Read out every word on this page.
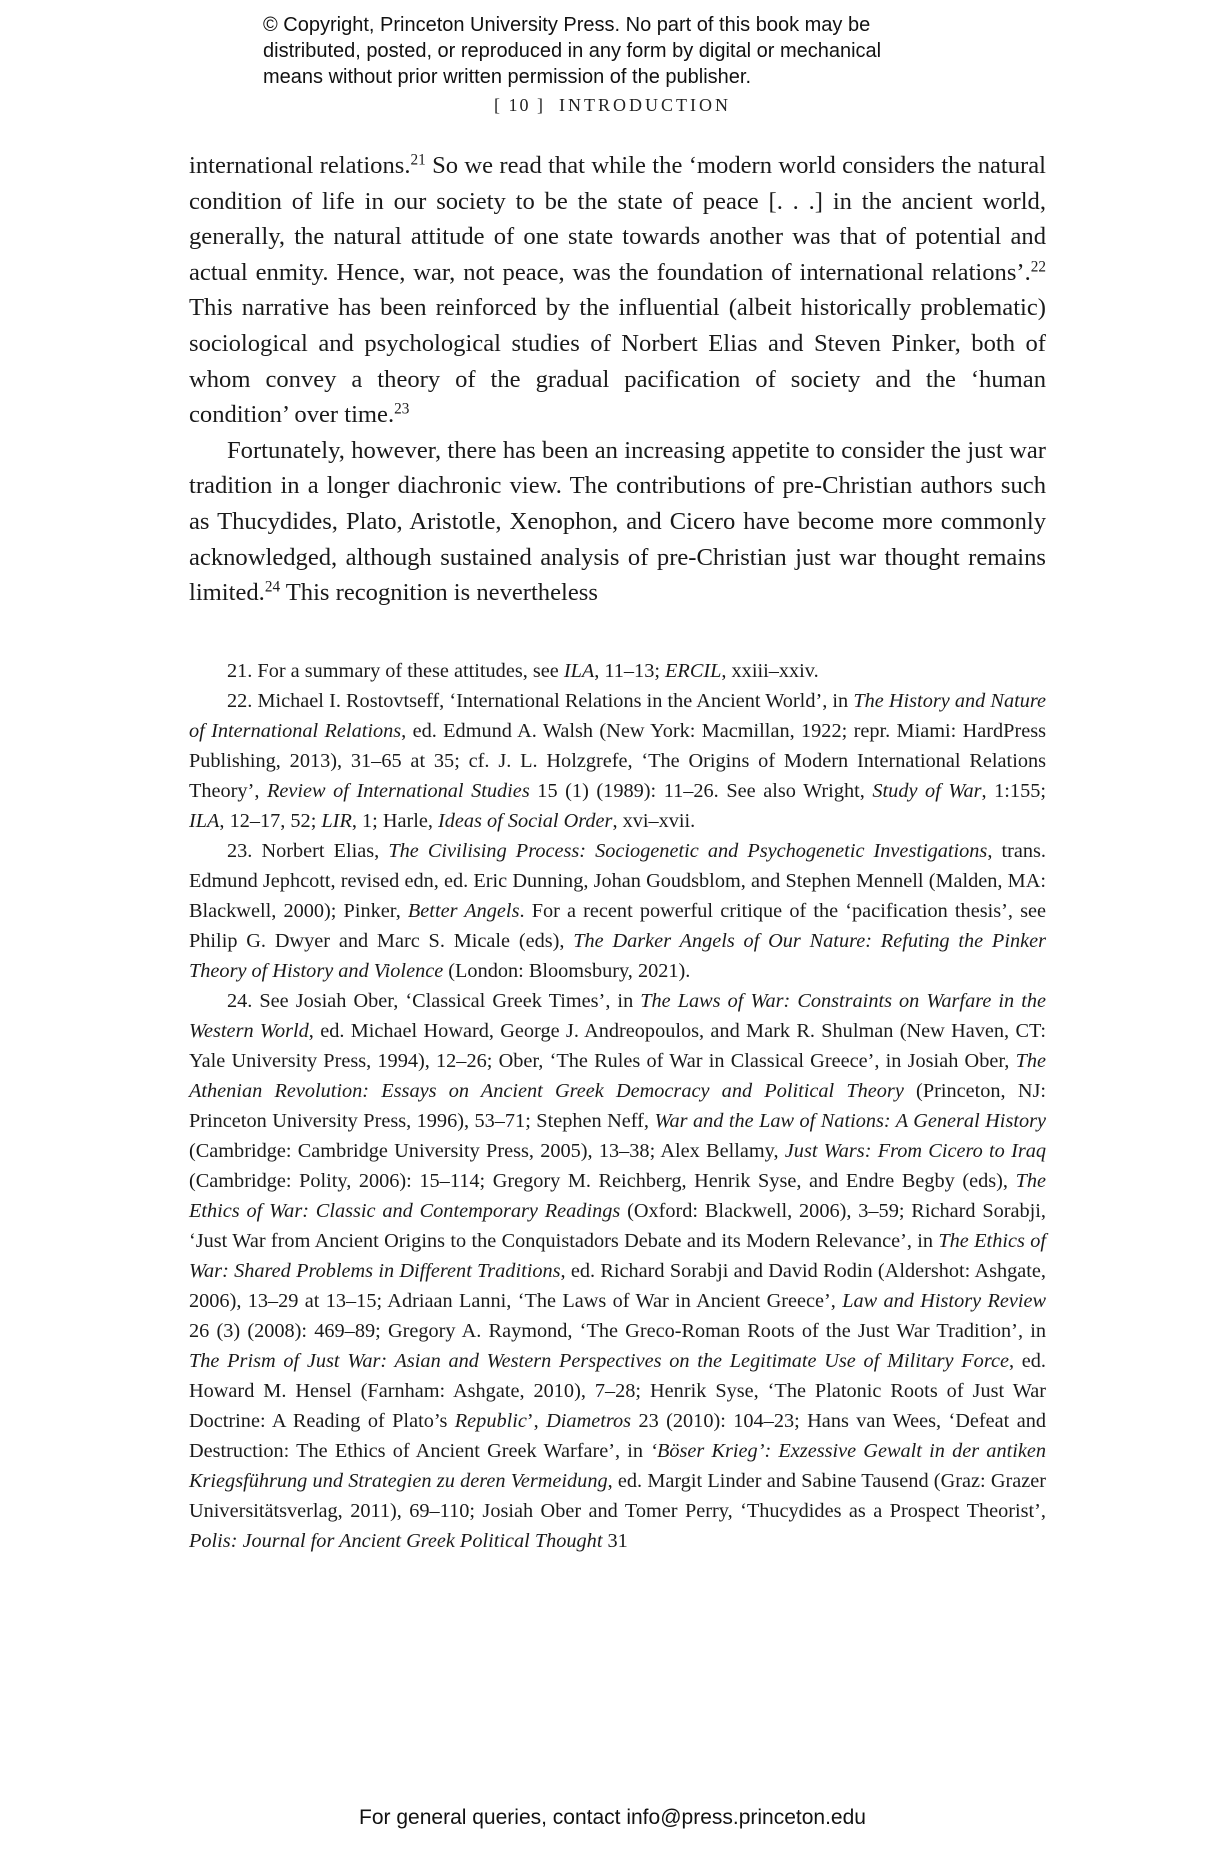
© Copyright, Princeton University Press. No part of this book may be
distributed, posted, or reproduced in any form by digital or mechanical
means without prior written permission of the publisher.
[ 10 ] INTRODUCTION

international relations.$^{21}$ So we read that while the ‘modern world considers the natural condition of life in our society to be the state of peace [. . .] in the ancient world, generally, the natural attitude of one state towards another was that of potential and actual enmity. Hence, war, not peace, was the foundation of international relations’.$^{22}$ This narrative has been reinforced by the influential (albeit historically problematic) sociological and psychological studies of Norbert Elias and Steven Pinker, both of whom convey a theory of the gradual pacification of society and the ‘human condition’ over time.$^{23}$

Fortunately, however, there has been an increasing appetite to consider the just war tradition in a longer diachronic view. The contributions of pre-Christian authors such as Thucydides, Plato, Aristotle, Xenophon, and Cicero have become more commonly acknowledged, although sustained analysis of pre-Christian just war thought remains limited.$^{24}$ This recognition is nevertheless

21. For a summary of these attitudes, see ILA, 11–13; ERCIL, xxiii–xxiv.

22. Michael I. Rostovtseff, ‘International Relations in the Ancient World’, in The History and Nature of International Relations, ed. Edmund A. Walsh (New York: Macmillan, 1922; repr. Miami: HardPress Publishing, 2013), 31–65 at 35; cf. J. L. Holzgrefe, ‘The Origins of Modern International Relations Theory’, Review of International Studies 15 (1) (1989): 11–26. See also Wright, Study of War, 1:155; ILA, 12–17, 52; LIR, 1; Harle, Ideas of Social Order, xvi–xvii.

23. Norbert Elias, The Civilising Process: Sociogenetic and Psychogenetic Investigations, trans. Edmund Jephcott, revised edn, ed. Eric Dunning, Johan Goudsblom, and Stephen Mennell (Malden, MA: Blackwell, 2000); Pinker, Better Angels. For a recent powerful critique of the ‘pacification thesis’, see Philip G. Dwyer and Marc S. Micale (eds), The Darker Angels of Our Nature: Refuting the Pinker Theory of History and Violence (London: Bloomsbury, 2021).

24. See Josiah Ober, ‘Classical Greek Times’, in The Laws of War: Constraints on Warfare in the Western World, ed. Michael Howard, George J. Andreopoulos, and Mark R. Shulman (New Haven, CT: Yale University Press, 1994), 12–26; Ober, ‘The Rules of War in Classical Greece’, in Josiah Ober, The Athenian Revolution: Essays on Ancient Greek Democracy and Political Theory (Princeton, NJ: Princeton University Press, 1996), 53–71; Stephen Neff, War and the Law of Nations: A General History (Cambridge: Cambridge University Press, 2005), 13–38; Alex Bellamy, Just Wars: From Cicero to Iraq (Cambridge: Polity, 2006): 15–114; Gregory M. Reichberg, Henrik Syse, and Endre Begby (eds), The Ethics of War: Classic and Contemporary Readings (Oxford: Blackwell, 2006), 3–59; Richard Sorabji, ‘Just War from Ancient Origins to the Conquistadors Debate and its Modern Relevance’, in The Ethics of War: Shared Problems in Different Traditions, ed. Richard Sorabji and David Rodin (Aldershot: Ashgate, 2006), 13–29 at 13–15; Adriaan Lanni, ‘The Laws of War in Ancient Greece’, Law and History Review 26 (3) (2008): 469–89; Gregory A. Raymond, ‘The Greco-Roman Roots of the Just War Tradition’, in The Prism of Just War: Asian and Western Perspectives on the Legitimate Use of Military Force, ed. Howard M. Hensel (Farnham: Ashgate, 2010), 7–28; Henrik Syse, ‘The Platonic Roots of Just War Doctrine: A Reading of Plato’s Republic’, Diametros 23 (2010): 104–23; Hans van Wees, ‘Defeat and Destruction: The Ethics of Ancient Greek Warfare’, in ‘Böser Krieg’: Exzessive Gewalt in der antiken Kriegsführung und Strategien zu deren Vermeidung, ed. Margit Linder and Sabine Tausend (Graz: Grazer Universitätsverlag, 2011), 69–110; Josiah Ober and Tomer Perry, ‘Thucydides as a Prospect Theorist’, Polis: Journal for Ancient Greek Political Thought 31

For general queries, contact info@press.princeton.edu
